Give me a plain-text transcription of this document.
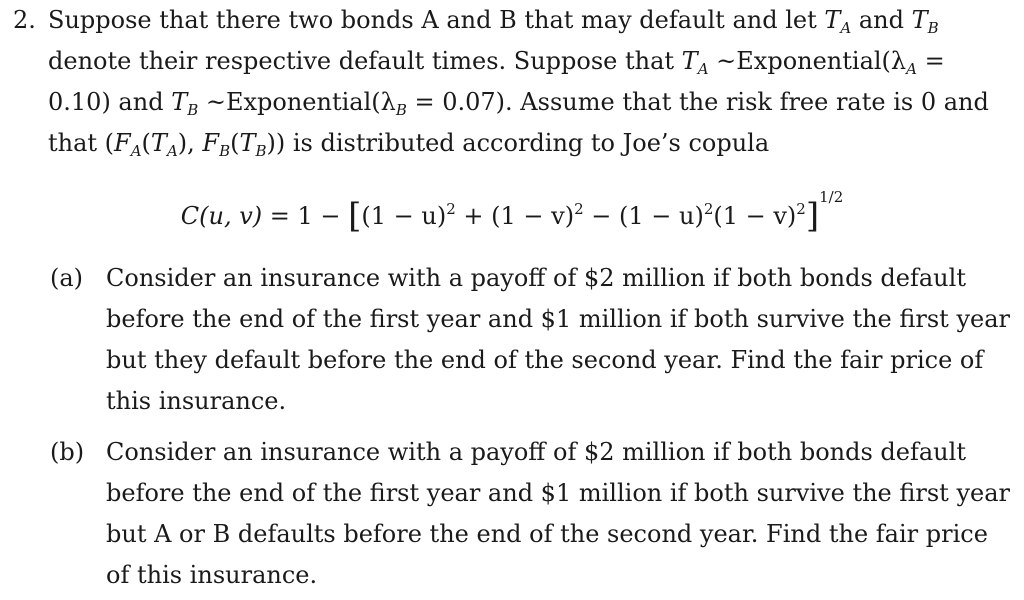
2. Suppose that there two bonds A and B that may default and let $T_A$ and $T_B$
denote their respective default times. Suppose that $T_A$ $\sim Exponential(\lambda_A$ =
0.10) and $T_B$ $\sim Exponential(\lambda_B = 0.07)$. Assume that the risk free rate is 0 and
that ($F_A(T_A)$, $F_B(T_B)$) is distributed according to Joe’s copula
C(u, $v) = 1 - [(1 - u)^2 + (1 - v)^2 - (1 - u)^2(1 - v)^2]^{1/2}$
(a) Consider an insurance with a payoff of $2 million if both bonds default
before the end of the first year and $1 million if both survive the first year
but they default before the end of the second year. Find the fair price of
this insurance.
(b) Consider an insurance with a payoff of $2 million if both bonds default
before the end of the first year and $1 million if both survive the first year
but A or B defaults before the end of the second year. Find the fair price
of this insurance.
